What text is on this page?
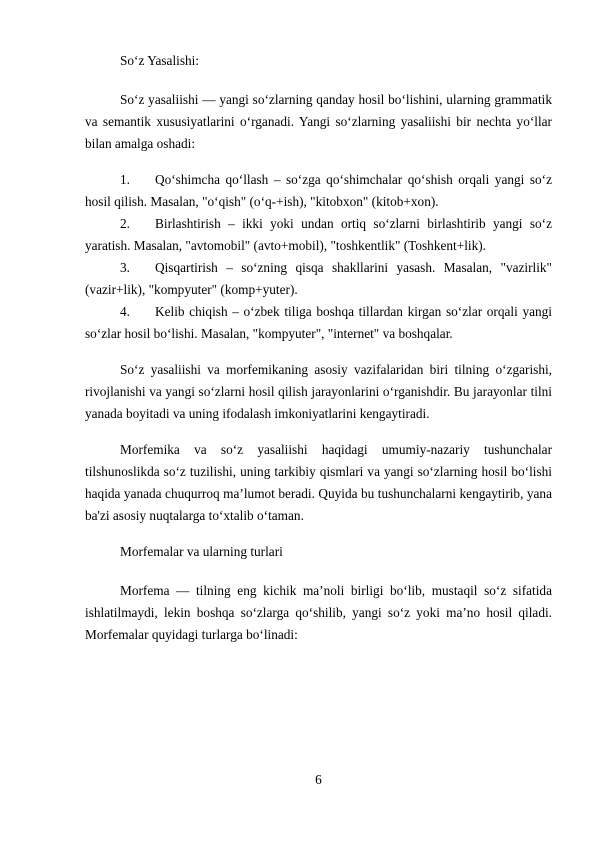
So‘z Yasalishi:

So‘z yasaliishi — yangi so‘zlarning qanday hosil bo‘lishini, ularning grammatik va semantik xususiyatlarini o‘rganadi. Yangi so‘zlarning yasaliishi bir nechta yo‘llar bilan amalga oshadi:

1. Qo‘shimcha qo‘llash – so‘zga qo‘shimchalar qo‘shish orqali yangi so‘z hosil qilish. Masalan, "o‘qish" (o‘q-+ish), "kitobxon" (kitob+xon).

2. Birlashtirish – ikki yoki undan ortiq so‘zlarni birlashtirib yangi so‘z yaratish. Masalan, "avtomobil" (avto+mobil), "toshkentlik" (Toshkent+lik).

3. Qisqartirish – so‘zning qisqa shakllarini yasash. Masalan, "vazirlik" (vazir+lik), "kompyuter" (komp+yuter).

4. Kelib chiqish – o‘zbek tiliga boshqa tillardan kirgan so‘zlar orqali yangi so‘zlar hosil bo‘lishi. Masalan, "kompyuter", "internet" va boshqalar.

So‘z yasaliishi va morfemikaning asosiy vazifalaridan biri tilning o‘zgarishi, rivojlanishi va yangi so‘zlarni hosil qilish jarayonlarini o‘rganishdir. Bu jarayonlar tilni yanada boyitadi va uning ifodalash imkoniyatlarini kengaytiradi.

Morfemika va so‘z yasaliishi haqidagi umumiy-nazariy tushunchalar tilshunoslikda so‘z tuzilishi, uning tarkibiy qismlari va yangi so‘zlarning hosil bo‘lishi haqida yanada chuqurroq ma’lumot beradi. Quyida bu tushunchalarni kengaytirib, yana ba'zi asosiy nuqtalarga to‘xtalib o‘taman.

Morfemalar va ularning turlari

Morfema — tilning eng kichik ma’noli birligi bo‘lib, mustaqil so‘z sifatida ishlatilmaydi, lekin boshqa so‘zlarga qo‘shilib, yangi so‘z yoki ma’no hosil qiladi. Morfemalar quyidagi turlarga bo‘linadi:

6
